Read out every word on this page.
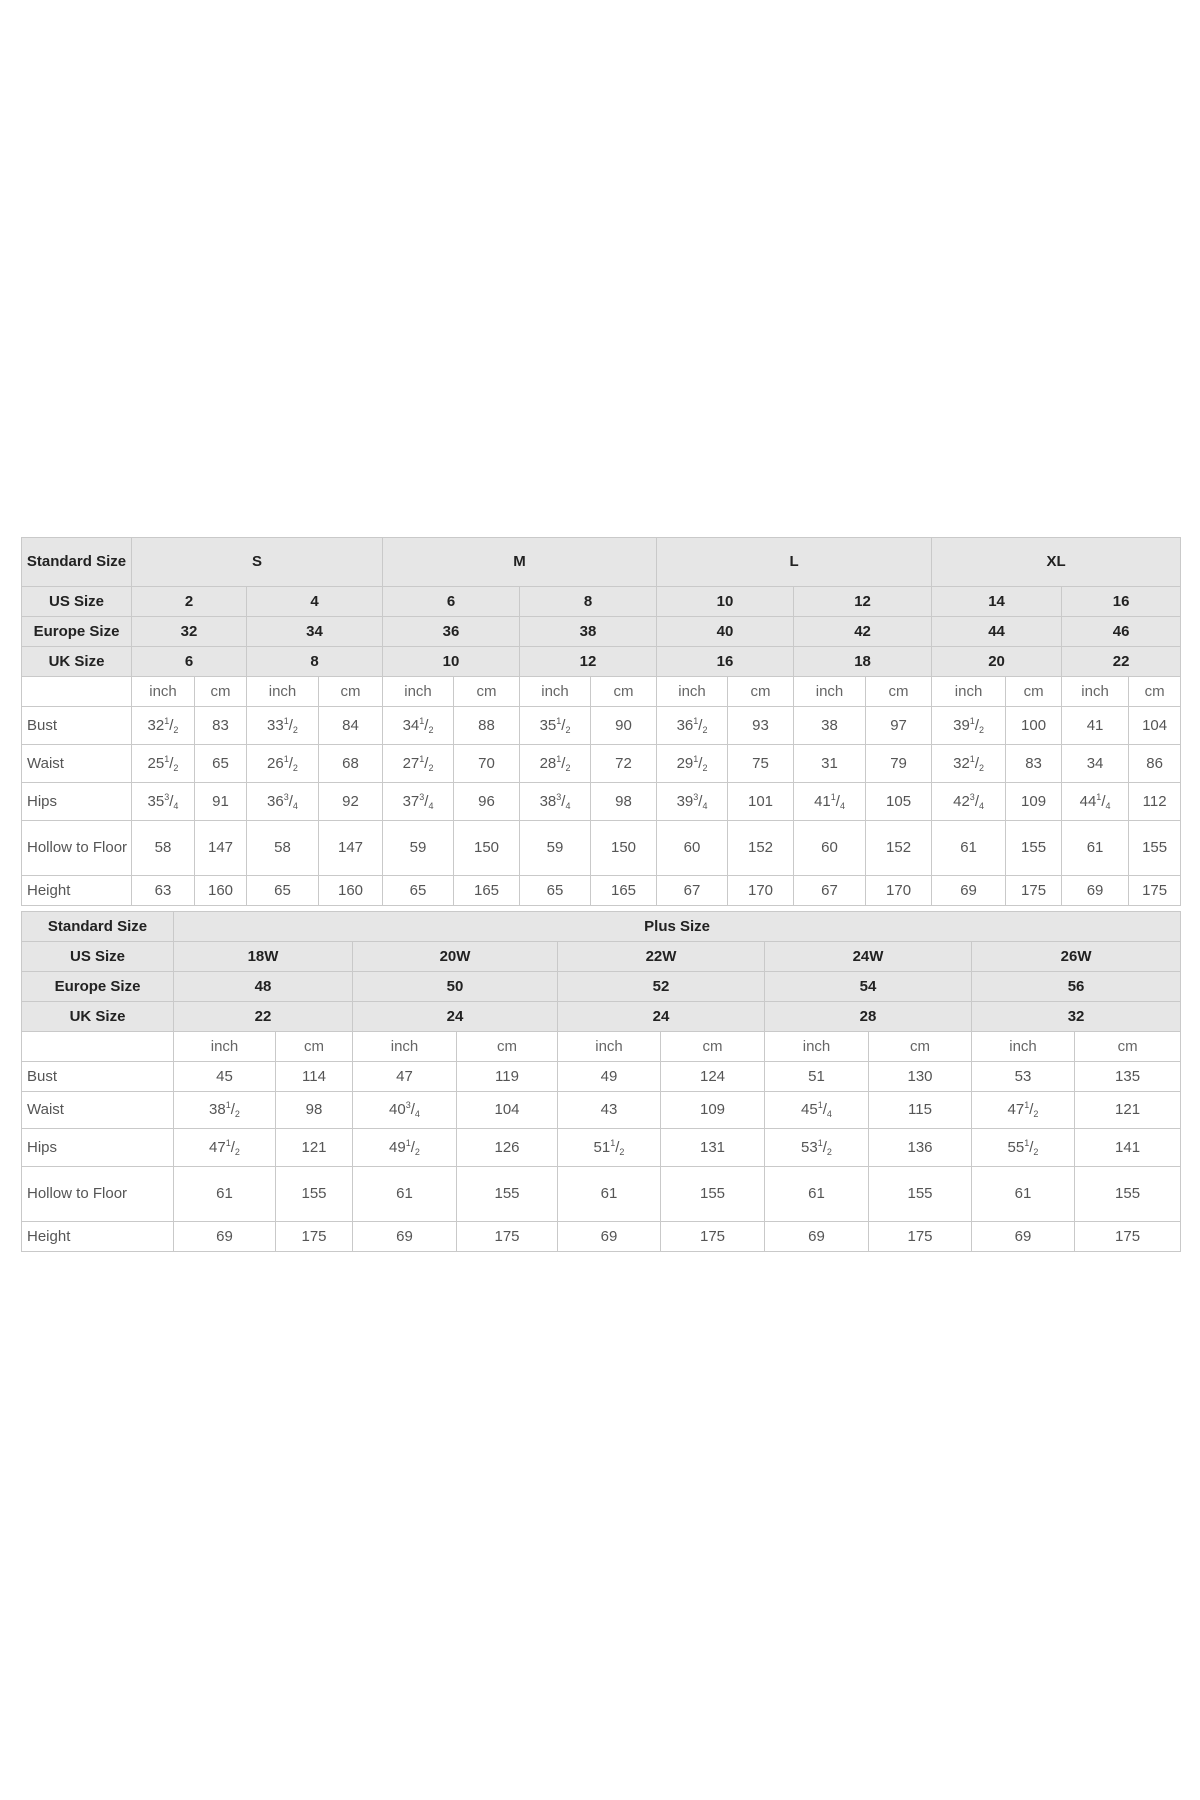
Standard Size	S				M				L				XL			
US Size	2		4		6		8		10		12		14		16	
Europe Size	32		34		36		38		40		42		44		46	
UK Size	6		8		10		12		16		18		20		22	
	inch	cm	inch	cm	inch	cm	inch	cm	inch	cm	inch	cm	inch	cm	inch	cm
Bust	$32^1/_2$	83	$33^1/_2$	84	$34^1/_2$	88	$35^1/_2$	90	$36^1/_2$	93	38	97	$39^1/_2$	100	41	104
Waist	$25^1/_2$	65	$26^1/_2$	68	$27^1/_2$	70	$28^1/_2$	72	$29^1/_2$	75	31	79	$32^1/_2$	83	34	86
Hips	$35^3/_4$	91	$36^3/_4$	92	$37^3/_4$	96	$38^3/_4$	98	$39^3/_4$	101	$41^1/_4$	105	$42^3/_4$	109	$44^1/_4$	112
Hollow to Floor	58	147	58	147	59	150	59	150	60	152	60	152	61	155	61	155
Height	63	160	65	160	65	165	65	165	67	170	67	170	69	175	69	175
Standard Size	Plus Size									
US Size	18W		20W		22W		24W		26W	
Europe Size	48		50		52		54		56	
UK Size	22		24		24		28		32	
	inch	cm	inch	cm	inch	cm	inch	cm	inch	cm
Bust	45	114	47	119	49	124	51	130	53	135
Waist	$38^1/_2$	98	$40^3/_4$	104	43	109	$45^1/_4$	115	$47^1/_2$	121
Hips	$47^1/_2$	121	$49^1/_2$	126	$51^1/_2$	131	$53^1/_2$	136	$55^1/_2$	141
Hollow to Floor	61	155	61	155	61	155	61	155	61	155
Height	69	175	69	175	69	175	69	175	69	175
